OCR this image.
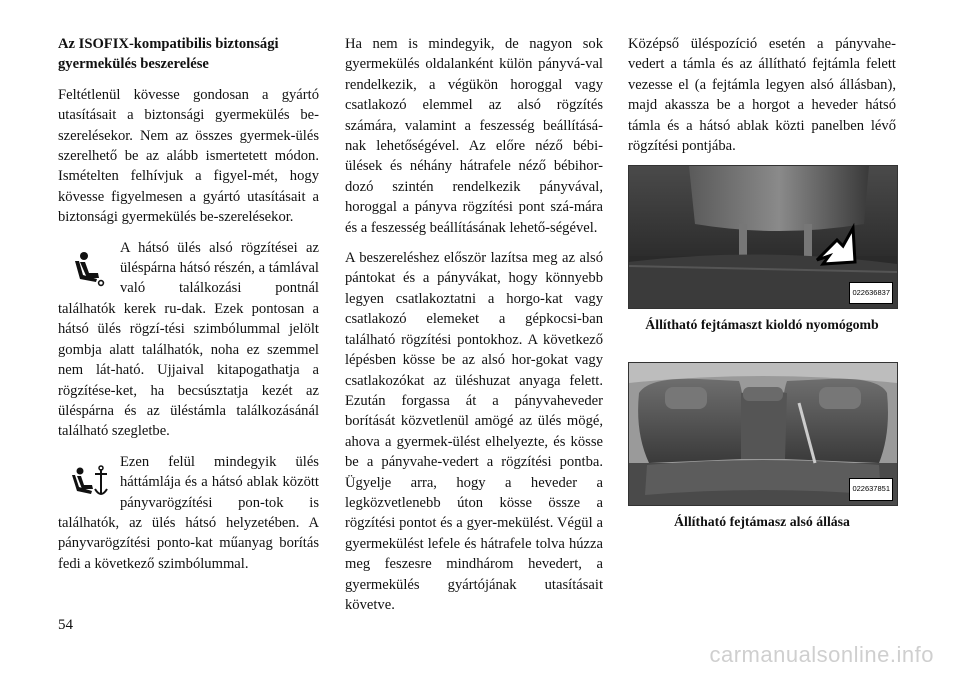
Az ISOFIX-kompatibilis biztonsági
gyermekülés beszerelése

Feltétlenül kövesse gondosan a gyártó utasításait a biztonsági gyermekülés be-szerelésekor. Nem az összes gyermek-ülés szerelhető be az alább ismertetett módon. Ismételten felhívjuk a figyel-mét, hogy kövesse figyelmesen a gyártó utasításait a biztonsági gyermekülés be-szerelésekor.

A hátsó ülés alsó rögzítései az üléspárna hátsó részén, a támlával való találkozási pontnál találhatók kerek ru-dak. Ezek pontosan a hátsó ülés rögzí-tési szimbólummal jelölt gombja alatt találhatók, noha ez szemmel nem lát-ható. Ujjaival kitapogathatja a rögzítése-ket, ha becsúsztatja kezét az üléspárna és az üléstámla találkozásánál található szegletbe.

Ezen felül mindegyik ülés háttámlája és a hátsó ablak között pányvarögzítési pon-tok is találhatók, az ülés hátsó helyzetében. A pányvarögzítési ponto-kat műanyag borítás fedi a következő szimbólummal.

Ha nem is mindegyik, de nagyon sok gyermekülés oldalanként külön pányvá-val rendelkezik, a végükön horoggal vagy csatlakozó elemmel az alsó rögzítés számára, valamint a feszesség beállításá-nak lehetőségével. Az előre néző bébi-ülések és néhány hátrafele néző bébihor-dozó szintén rendelkezik pányvával, horoggal a pányva rögzítési pont szá-mára és a feszesség beállításának lehető-ségével.

A beszereléshez először lazítsa meg az alsó pántokat és a pányvákat, hogy könnyebb legyen csatlakoztatni a horgo-kat vagy csatlakozó elemeket a gépkocsi-ban található rögzítési pontokhoz. A következő lépésben kösse be az alsó hor-gokat vagy csatlakozókat az üléshuzat anyaga felett. Ezután forgassa át a pányvaheveder borítását közvetlenül amögé az ülés mögé, ahova a gyermek-ülést elhelyezte, és kösse be a pányvahe-vedert a rögzítési pontba. Ügyelje arra, hogy a heveder a legközvetlenebb úton kösse össze a rögzítési pontot és a gyer-mekülést. Végül a gyermekülést lefele és hátrafele tolva húzza meg feszesre mindhárom hevedert, a gyermekülés gyártójának utasításait követve.

Középső üléspozíció esetén a pányvahe-vedert a támla és az állítható fejtámla felett vezesse el (a fejtámla legyen alsó állásban), majd akassza be a horgot a heveder hátsó támla és a hátsó ablak közti panelben lévő rögzítési pontjába.

022636837
Állítható fejtámaszt kioldó nyomógomb
022637851
Állítható fejtámasz alsó állása
54
carmanualsonline.info
